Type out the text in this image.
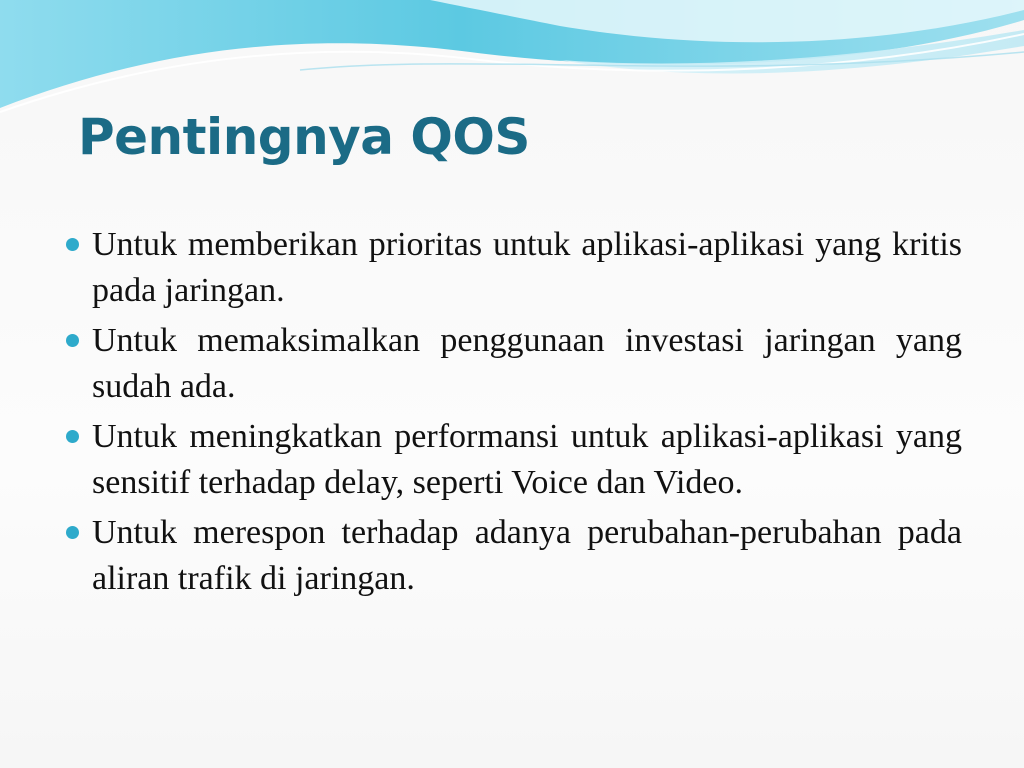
Pentingnya QOS
Untuk memberikan prioritas untuk aplikasi-aplikasi yang kritis pada jaringan.
Untuk memaksimalkan penggunaan investasi jaringan yang sudah ada.
Untuk meningkatkan performansi untuk aplikasi-aplikasi yang sensitif terhadap delay, seperti Voice dan Video.
Untuk merespon terhadap adanya perubahan-perubahan pada aliran trafik di jaringan.
